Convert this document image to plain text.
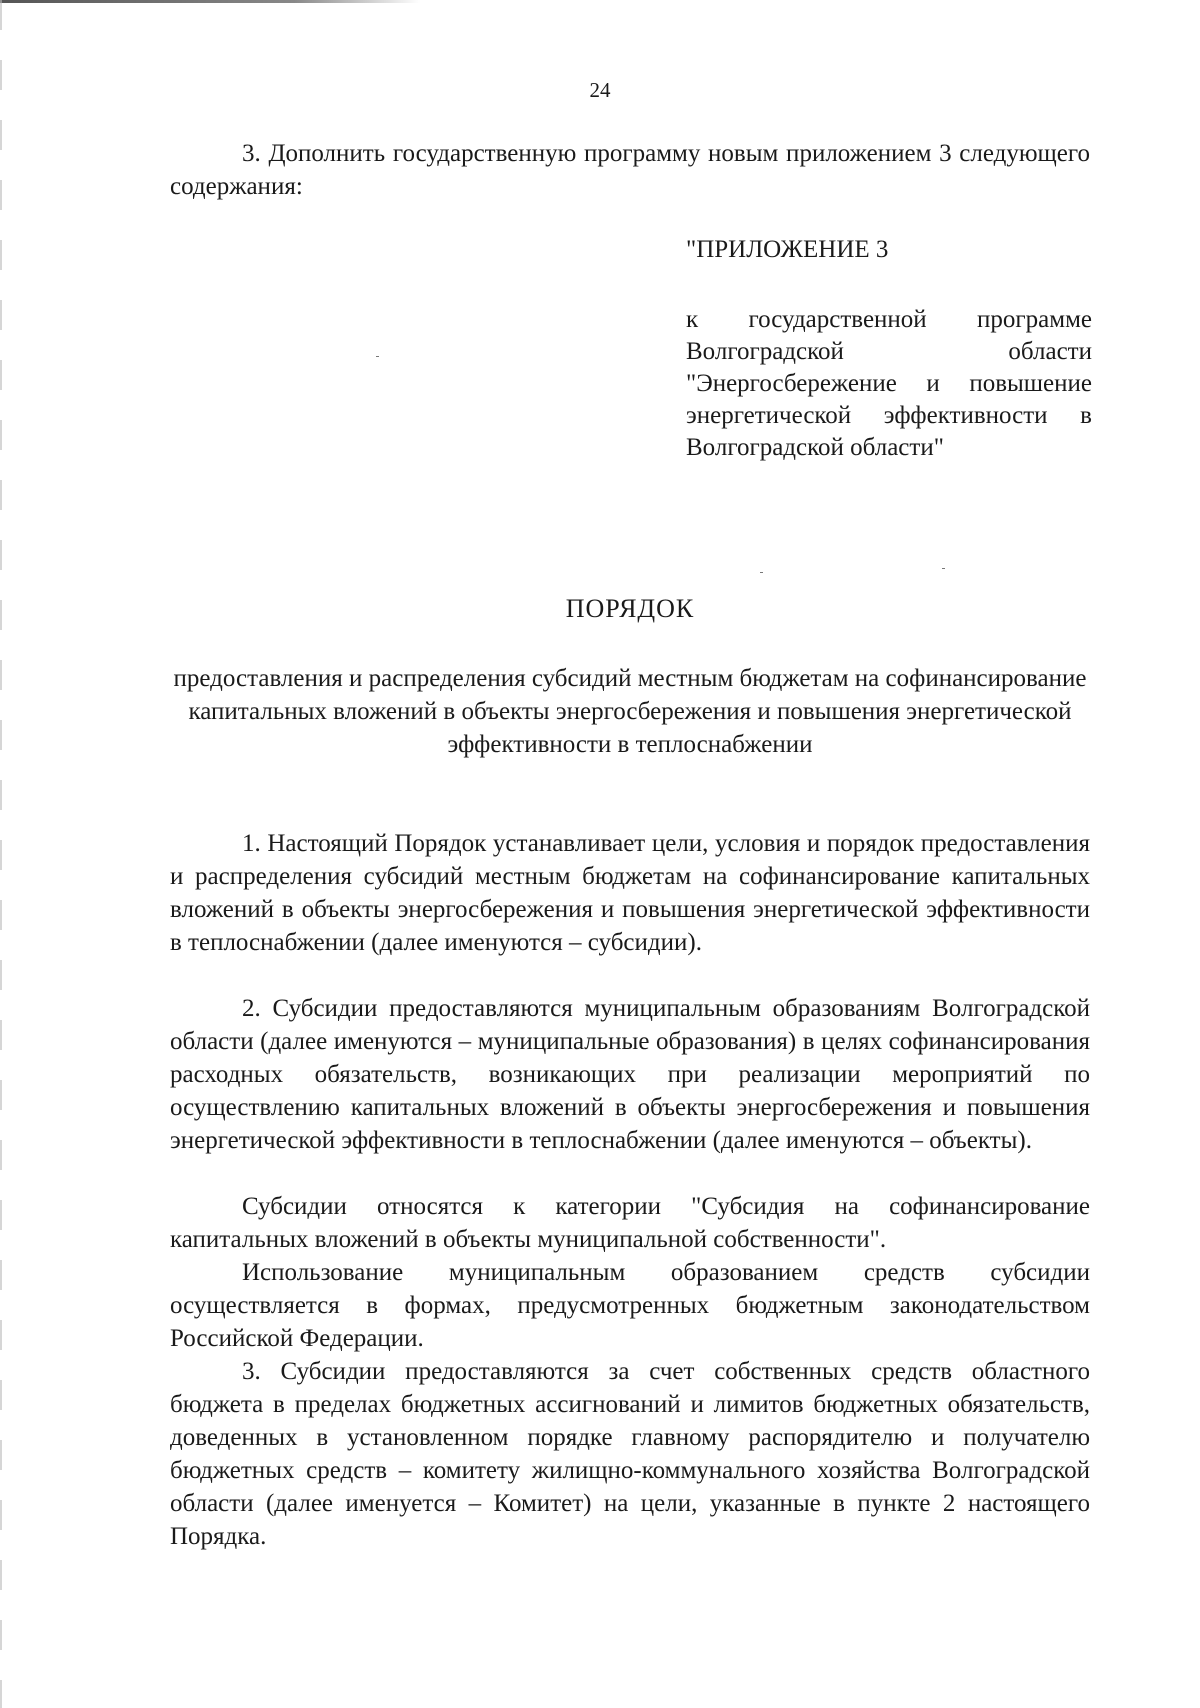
24

3. Дополнить государственную программу новым приложением 3 следующего содержания:

"ПРИЛОЖЕНИЕ 3

к государственной программе Волгоградской области "Энергосбережение и повышение энергетической эффективности в Волгоградской области"

ПОРЯДОК

предоставления и распределения субсидий местным бюджетам на софинансирование капитальных вложений в объекты энергосбережения и повышения энергетической эффективности в теплоснабжении

1. Настоящий Порядок устанавливает цели, условия и порядок предоставления и распределения субсидий местным бюджетам на софинансирование капитальных вложений в объекты энергосбережения и повышения энергетической эффективности в теплоснабжении (далее именуются – субсидии).

2. Субсидии предоставляются муниципальным образованиям Волгоградской области (далее именуются – муниципальные образования) в целях софинансирования расходных обязательств, возникающих при реализации мероприятий по осуществлению капитальных вложений в объекты энергосбережения и повышения энергетической эффективности в теплоснабжении (далее именуются – объекты).

Субсидии относятся к категории "Субсидия на софинансирование капитальных вложений в объекты муниципальной собственности".

Использование муниципальным образованием средств субсидии осуществляется в формах, предусмотренных бюджетным законодательством Российской Федерации.

3. Субсидии предоставляются за счет собственных средств областного бюджета в пределах бюджетных ассигнований и лимитов бюджетных обязательств, доведенных в установленном порядке главному распорядителю и получателю бюджетных средств – комитету жилищно-коммунального хозяйства Волгоградской области (далее именуется – Комитет) на цели, указанные в пункте 2 настоящего Порядка.
